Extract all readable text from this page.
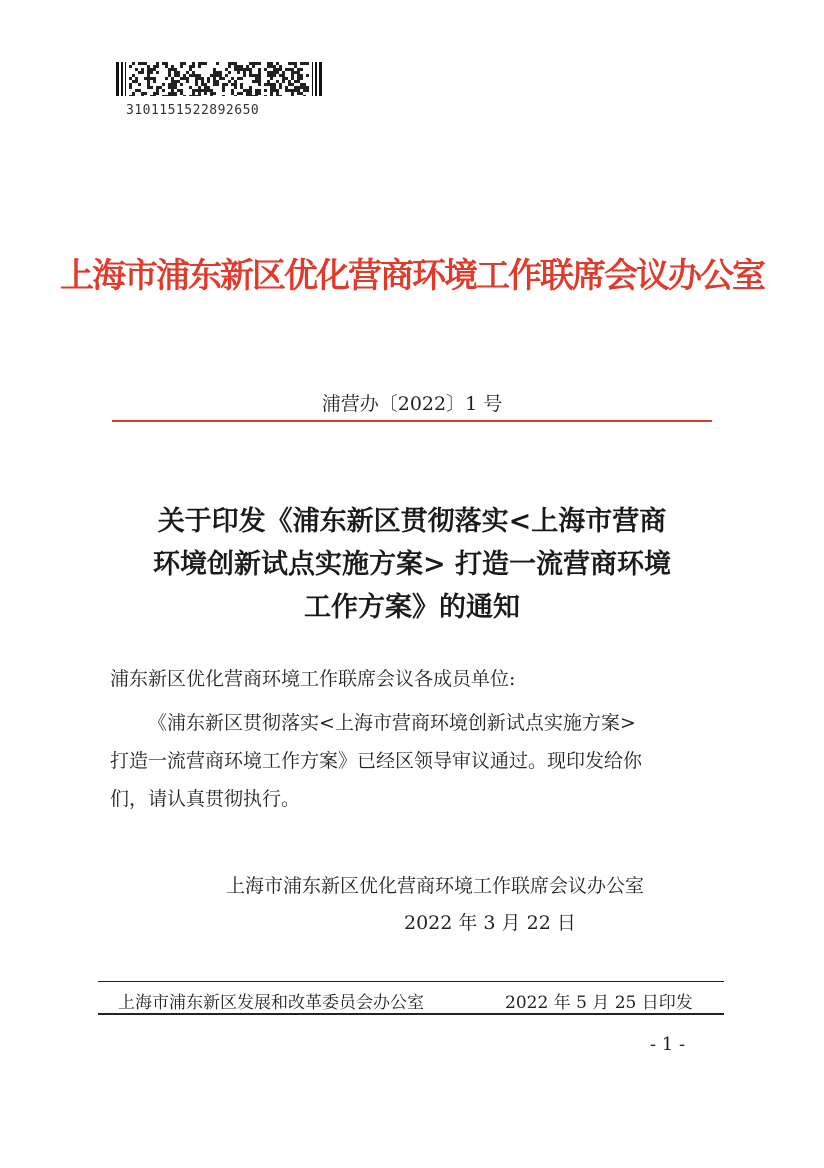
3101151522892650
上海市浦东新区优化营商环境工作联席会议办公室
浦营办〔2022〕1 号
关于印发《浦东新区贯彻落实<上海市营商
环境创新试点实施方案> 打造一流营商环境
工作方案》的通知
浦东新区优化营商环境工作联席会议各成员单位:
《浦东新区贯彻落实<上海市营商环境创新试点实施方案>
打造一流营商环境工作方案》已经区领导审议通过。现印发给你
们，请认真贯彻执行。
上海市浦东新区优化营商环境工作联席会议办公室
2022 年 3 月 22 日
上海市浦东新区发展和改革委员会办公室	2022 年 5 月 25 日印发
- 1 -
